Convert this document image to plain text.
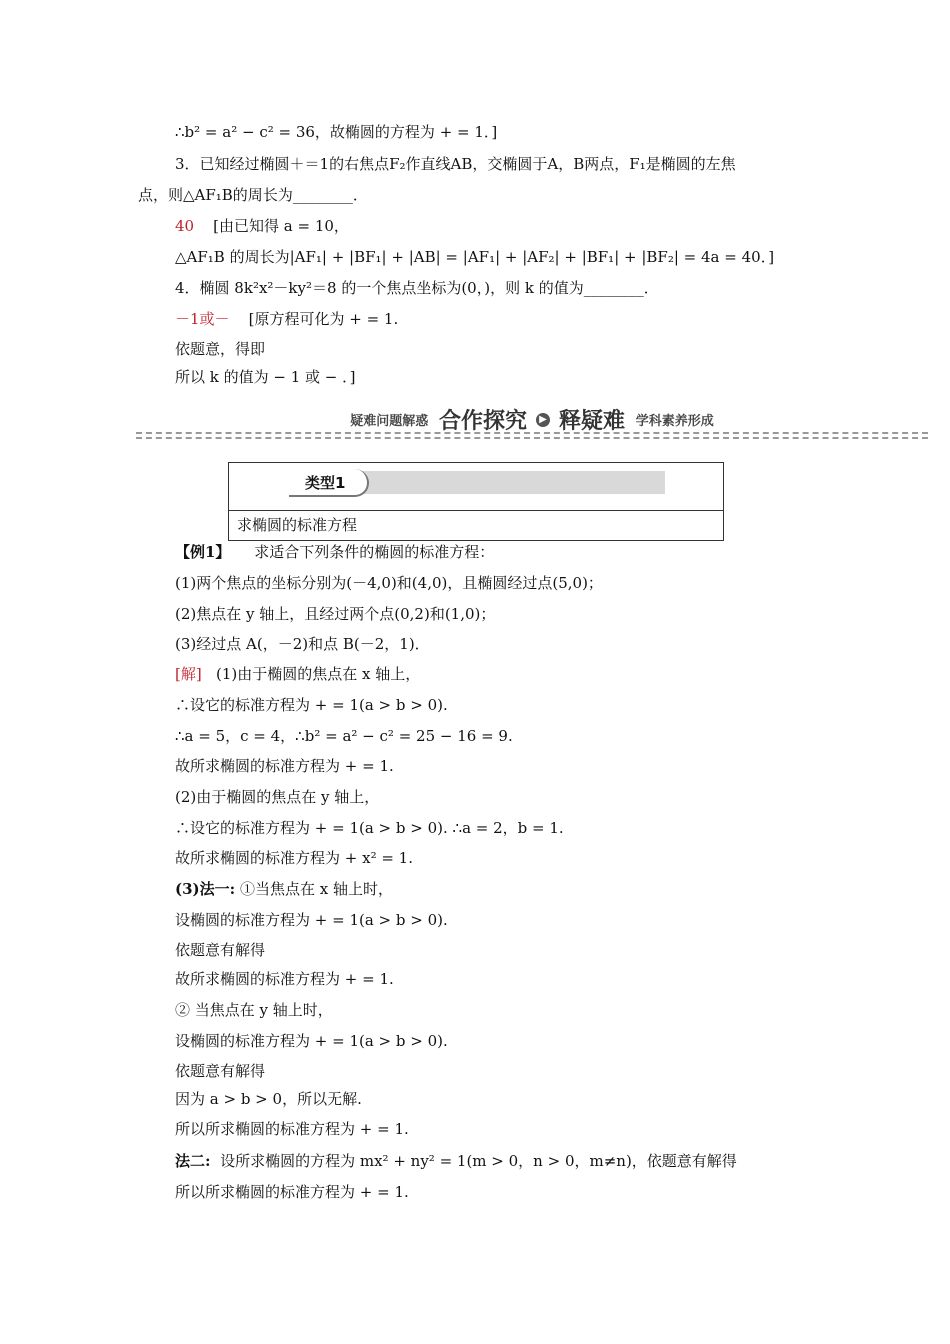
∴b² = a² − c² = 36，故椭圆的方程为 + = 1．]
3．已知经过椭圆＋＝1的右焦点F₂作直线AB，交椭圆于A，B两点，F₁是椭圆的左焦
点，则△AF₁B的周长为________．
40 [由已知得 a = 10，
△AF₁B 的周长为|AF₁| + |BF₁| + |AB| = |AF₁| + |AF₂| + |BF₁| + |BF₂| = 4a = 40．]
4．椭圆 8k²x²－ky²＝8 的一个焦点坐标为(0，)，则 k 的值为________．
－1或－ [原方程可化为 + = 1.
依题意，得即
所以 k 的值为 − 1 或 − ．]
疑难问题解惑 合作探究 ▶ 释疑难 学科素养形成
类型1
求椭圆的标准方程
【例1】 求适合下列条件的椭圆的标准方程：
(1)两个焦点的坐标分别为(－4,0)和(4,0)，且椭圆经过点(5,0)；
(2)焦点在 y 轴上，且经过两个点(0,2)和(1,0)；
(3)经过点 A(，－2)和点 B(－2，1)．
[解] (1)由于椭圆的焦点在 x 轴上，
∴设它的标准方程为 + = 1(a > b > 0).
∴a = 5，c = 4，∴b² = a² − c² = 25 − 16 = 9.
故所求椭圆的标准方程为 + = 1.
(2)由于椭圆的焦点在 y 轴上，
∴设它的标准方程为 + = 1(a > b > 0). ∴a = 2，b = 1.
故所求椭圆的标准方程为 + x² = 1.
(3)法一: ①当焦点在 x 轴上时，
设椭圆的标准方程为 + = 1(a > b > 0).
依题意有解得
故所求椭圆的标准方程为 + = 1.
② 当焦点在 y 轴上时，
设椭圆的标准方程为 + = 1(a > b > 0).
依题意有解得
因为 a > b > 0，所以无解.
所以所求椭圆的标准方程为 + = 1.
法二: 设所求椭圆的方程为 mx² + ny² = 1(m > 0，n > 0，m≠n)，依题意有解得
所以所求椭圆的标准方程为 + = 1.
